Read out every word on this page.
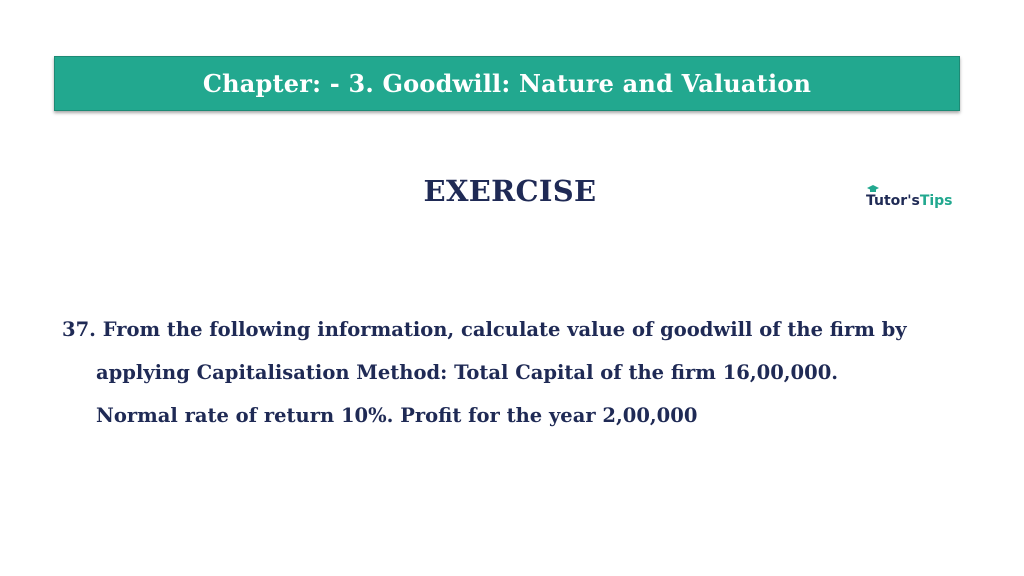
Chapter: - 3. Goodwill: Nature and Valuation
EXERCISE	Tutor's Tips
37. From the following information, calculate value of goodwill of the firm by
applying Capitalisation Method: Total Capital of the firm 16,00,000.
Normal rate of return 10%. Profit for the year 2,00,000
